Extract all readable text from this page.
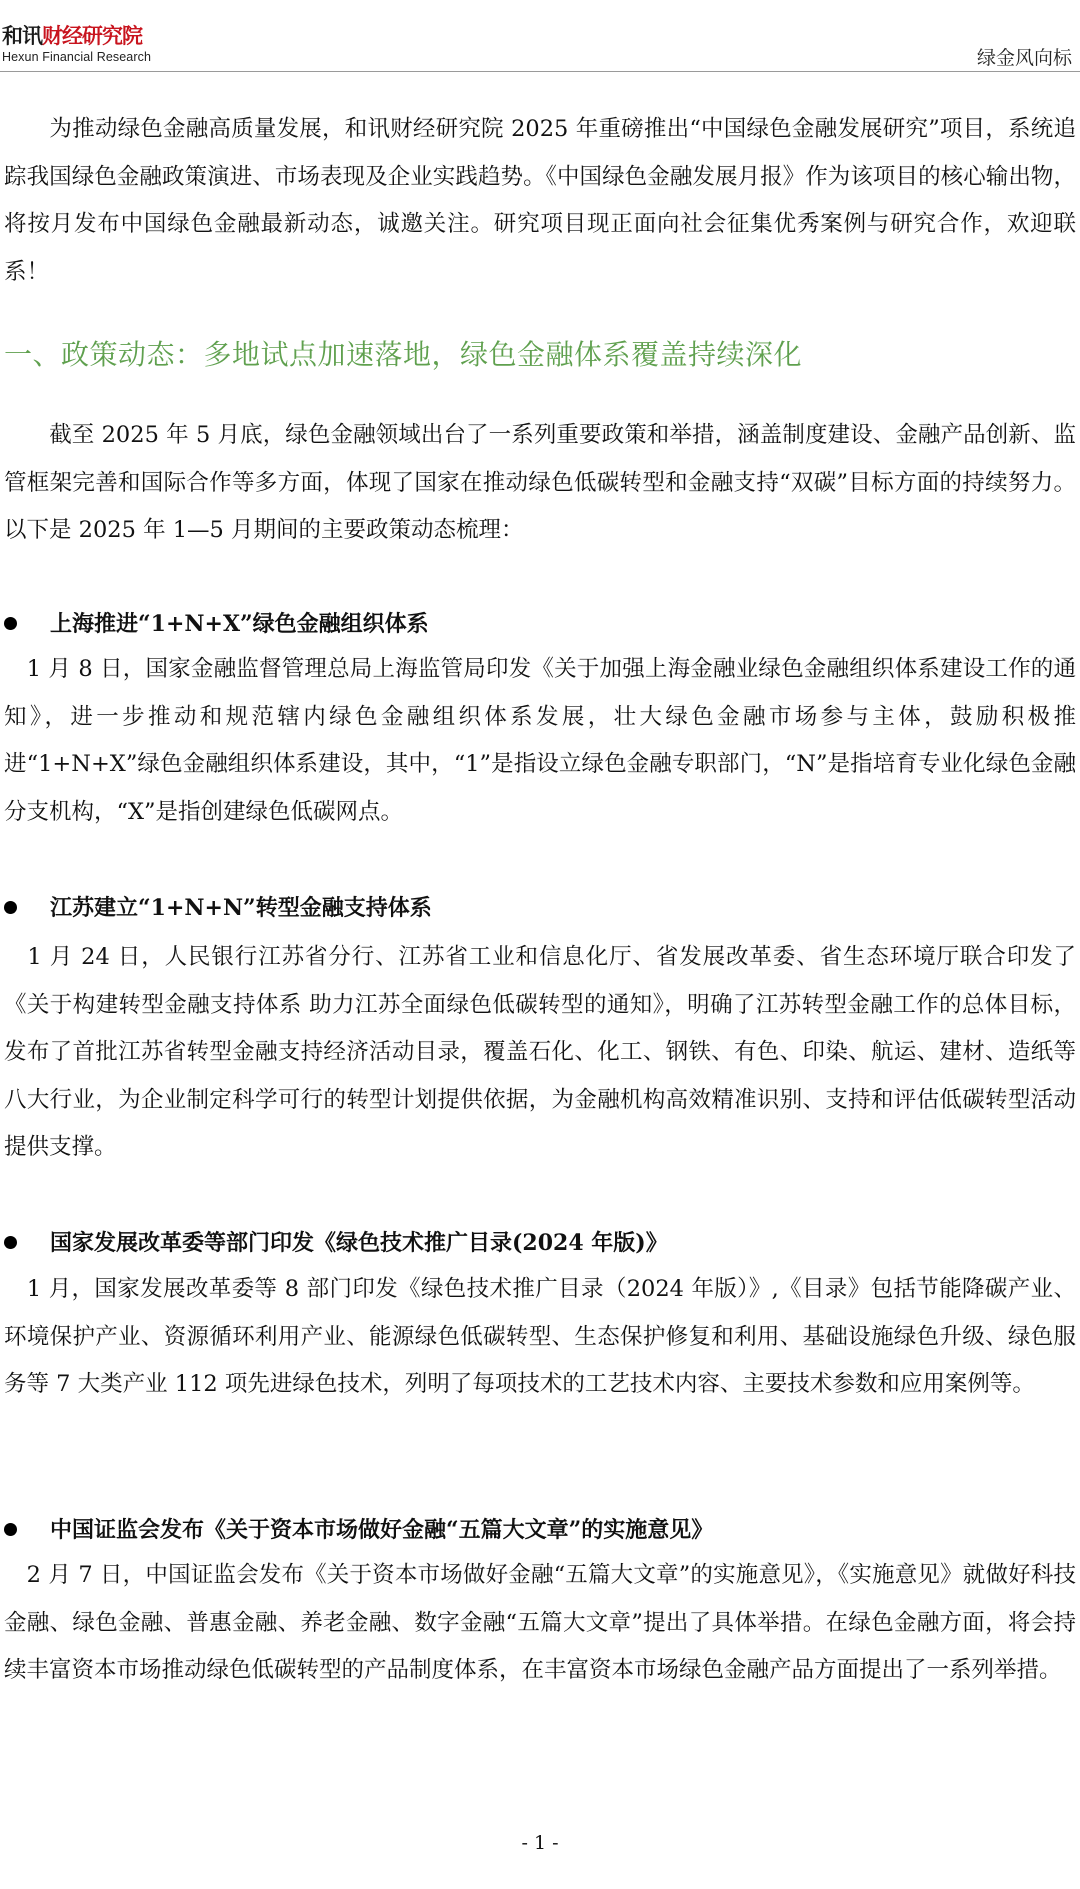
和讯财经研究院
Hexun Financial Research	绿金风向标
　　为推动绿色金融高质量发展，和讯财经研究院 2025 年重磅推出“中国绿色金融发展研究”项目，系统追踪我国绿色金融政策演进、市场表现及企业实践趋势。《中国绿色金融发展月报》作为该项目的核心输出物，将按月发布中国绿色金融最新动态，诚邀关注。研究项目现正面向社会征集优秀案例与研究合作，欢迎联系！
一、政策动态：多地试点加速落地，绿色金融体系覆盖持续深化
　　截至 2025 年 5 月底，绿色金融领域出台了一系列重要政策和举措，涵盖制度建设、金融产品创新、监管框架完善和国际合作等多方面，体现了国家在推动绿色低碳转型和金融支持“双碳”目标方面的持续努力。以下是 2025 年 1—5 月期间的主要政策动态梳理：
上海推进“1+N+X”绿色金融组织体系
　1 月 8 日，国家金融监督管理总局上海监管局印发《关于加强上海金融业绿色金融组织体系建设工作的通知》，进一步推动和规范辖内绿色金融组织体系发展，壮大绿色金融市场参与主体，鼓励积极推进“1+N+X”绿色金融组织体系建设，其中，“1”是指设立绿色金融专职部门，“N”是指培育专业化绿色金融分支机构，“X”是指创建绿色低碳网点。
江苏建立“1+N+N”转型金融支持体系
　1 月 24 日，人民银行江苏省分行、江苏省工业和信息化厅、省发展改革委、省生态环境厅联合印发了《关于构建转型金融支持体系 助力江苏全面绿色低碳转型的通知》，明确了江苏转型金融工作的总体目标，发布了首批江苏省转型金融支持经济活动目录，覆盖石化、化工、钢铁、有色、印染、航运、建材、造纸等八大行业，为企业制定科学可行的转型计划提供依据，为金融机构高效精准识别、支持和评估低碳转型活动提供支撑。
国家发展改革委等部门印发《绿色技术推广目录(2024 年版)》
　1 月，国家发展改革委等 8 部门印发《绿色技术推广目录（2024 年版）》,《目录》包括节能降碳产业、环境保护产业、资源循环利用产业、能源绿色低碳转型、生态保护修复和利用、基础设施绿色升级、绿色服务等 7 大类产业 112 项先进绿色技术，列明了每项技术的工艺技术内容、主要技术参数和应用案例等。
中国证监会发布《关于资本市场做好金融“五篇大文章”的实施意见》
　2 月 7 日，中国证监会发布《关于资本市场做好金融“五篇大文章”的实施意见》，《实施意见》就做好科技金融、绿色金融、普惠金融、养老金融、数字金融“五篇大文章”提出了具体举措。在绿色金融方面，将会持续丰富资本市场推动绿色低碳转型的产品制度体系，在丰富资本市场绿色金融产品方面提出了一系列举措。
- 1 -
